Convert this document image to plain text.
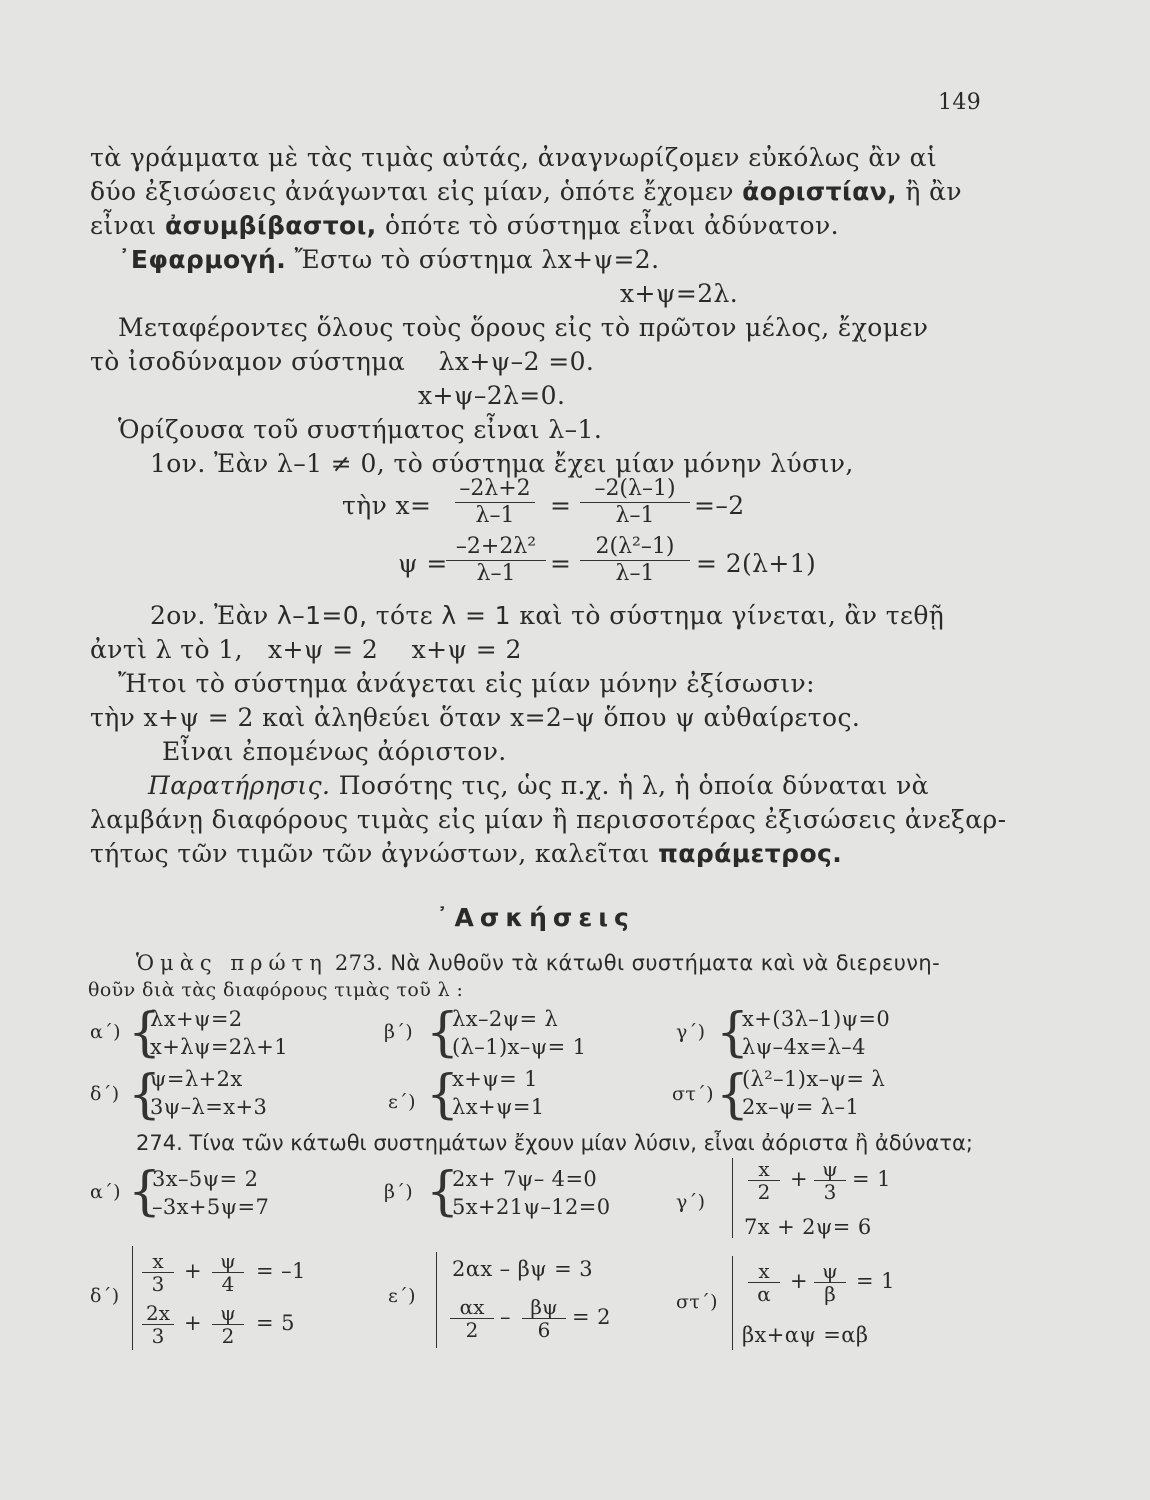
149
τὰ γράμματα μὲ τὰς τιμὰς αὐτάς, ἀναγνωρίζομεν εὐκόλως ἂν αἱ
δύο ἐξισώσεις ἀνάγωνται εἰς μίαν, ὁπότε ἔχομεν ἀοριστίαν, ἢ ἂν
εἶναι ἀσυμβίβαστοι, ὁπότε τὸ σύστημα εἶναι ἀδύνατον.
᾿Εφαρμογή. Ἔστω τὸ σύστημα λx+ψ=2.
x+ψ=2λ.
Μεταφέροντες ὅλους τοὺς ὅρους εἰς τὸ πρῶτον μέλος, ἔχομεν
τὸ ἰσοδύναμον σύστημα λx+ψ–2 =0.
x+ψ–2λ=0.
Ὁρίζουσα τοῦ συστήματος εἶναι λ–1.
1ον. Ἐὰν λ–1 ≠ 0, τὸ σύστημα ἔχει μίαν μόνην λύσιν,
τὴν $x= \frac{-2\lambda+2}{\lambda-1} = \frac{-2(\lambda-1)}{\lambda-1} =-2$
ψ =
$\frac{\text{–2+2λ²}}{\lambda-1} = \frac{\text{2(λ²–1)}}{\lambda-1} = 2(\lambda+1)$
2ον. Ἐὰν λ–1=0, τότε λ = 1 καὶ τὸ σύστημα γίνεται, ἂν τεθῇ
ἀντὶ λ τὸ 1, x+ψ = 2 x+ψ = 2
Ἤτοι τὸ σύστημα ἀνάγεται εἰς μίαν μόνην ἐξίσωσιν:
τὴν x+ψ = 2 καὶ ἀληθεύει ὅταν x=2–ψ ὅπου ψ αὐθαίρετος.
Εἶναι ἐπομένως ἀόριστον.
Παρατήρησις. Ποσότης τις, ὡς π.χ. ἡ λ, ἡ ὁποία δύναται νὰ
λαμβάνῃ διαφόρους τιμὰς εἰς μίαν ἢ περισσοτέρας ἐξισώσεις ἀνεξαρ-
τήτως τῶν τιμῶν τῶν ἀγνώστων, καλεῖται παράμετρος.
᾿Ασκήσεις
Ὁμὰς πρώτη 273. Νὰ λυθοῦν τὰ κάτωθι συστήματα καὶ νὰ διερευνη-
θοῦν διὰ τὰς διαφόρους τιμὰς τοῦ λ :
α΄) {
λx+ψ=2
x+λψ=2λ+1
β΄) {
λx–2ψ= λ
(λ–1)x–ψ= 1
γ΄) {
x+(3λ–1)ψ=0
λψ–4x=λ–4
δ΄) {
ψ=λ+2x
3ψ–λ=x+3	ε΄) {
x+ψ= 1
λx+ψ=1
στ΄) {
(λ²–1)x–ψ= λ
2x–ψ= λ–1
274. Τίνα τῶν κάτωθι συστημάτων ἔχουν μίαν λύσιν, εἶναι ἀόριστα ἢ ἀδύνατα;
α΄) {
3x–5ψ= 2
–3x+5ψ=7
β΄) {
2x+ 7ψ– 4=0
5x+21ψ–12=0	$\gamma΄) \frac{x}{2} + \frac{\psi}{3} = 1$
7x + 2ψ= 6
δ΄)
$\frac{x}{3} + \frac{\psi}{4} = -1$
$\frac{2x}{3} + \frac{\psi}{2} = 5$
ε΄)
2αx – βψ = 3
$\frac{\alpha x}{2} - \frac{\beta\psi}{6} = 2$
$\sigma\tau΄) \frac{x}{\alpha} + \frac{\psi}{\beta} = 1$
βx+αψ =αβ
